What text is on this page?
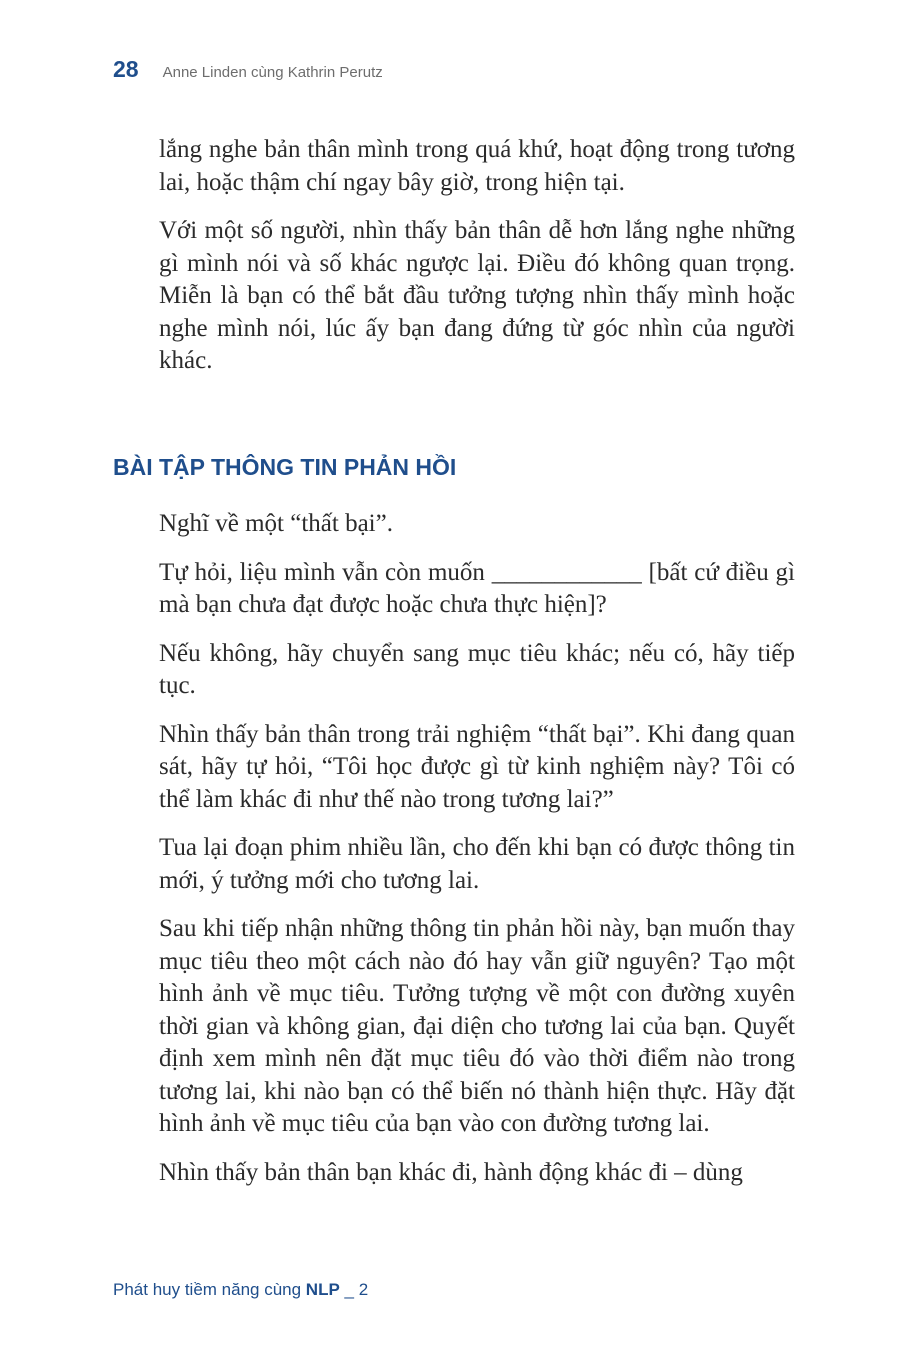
28 Anne Linden cùng Kathrin Perutz

lắng nghe bản thân mình trong quá khứ, hoạt động trong tương lai, hoặc thậm chí ngay bây giờ, trong hiện tại.

Với một số người, nhìn thấy bản thân dễ hơn lắng nghe những gì mình nói và số khác ngược lại. Điều đó không quan trọng. Miễn là bạn có thể bắt đầu tưởng tượng nhìn thấy mình hoặc nghe mình nói, lúc ấy bạn đang đứng từ góc nhìn của người khác.

BÀI TẬP THÔNG TIN PHẢN HỒI

Nghĩ về một “thất bại”.

Tự hỏi, liệu mình vẫn còn muốn ____________ [bất cứ điều gì mà bạn chưa đạt được hoặc chưa thực hiện]?

Nếu không, hãy chuyển sang mục tiêu khác; nếu có, hãy tiếp tục.

Nhìn thấy bản thân trong trải nghiệm “thất bại”. Khi đang quan sát, hãy tự hỏi, “Tôi học được gì từ kinh nghiệm này? Tôi có thể làm khác đi như thế nào trong tương lai?”

Tua lại đoạn phim nhiều lần, cho đến khi bạn có được thông tin mới, ý tưởng mới cho tương lai.

Sau khi tiếp nhận những thông tin phản hồi này, bạn muốn thay mục tiêu theo một cách nào đó hay vẫn giữ nguyên? Tạo một hình ảnh về mục tiêu. Tưởng tượng về một con đường xuyên thời gian và không gian, đại diện cho tương lai của bạn. Quyết định xem mình nên đặt mục tiêu đó vào thời điểm nào trong tương lai, khi nào bạn có thể biến nó thành hiện thực. Hãy đặt hình ảnh về mục tiêu của bạn vào con đường tương lai.

Nhìn thấy bản thân bạn khác đi, hành động khác đi – dùng

Phát huy tiềm năng cùng NLP _ 2
